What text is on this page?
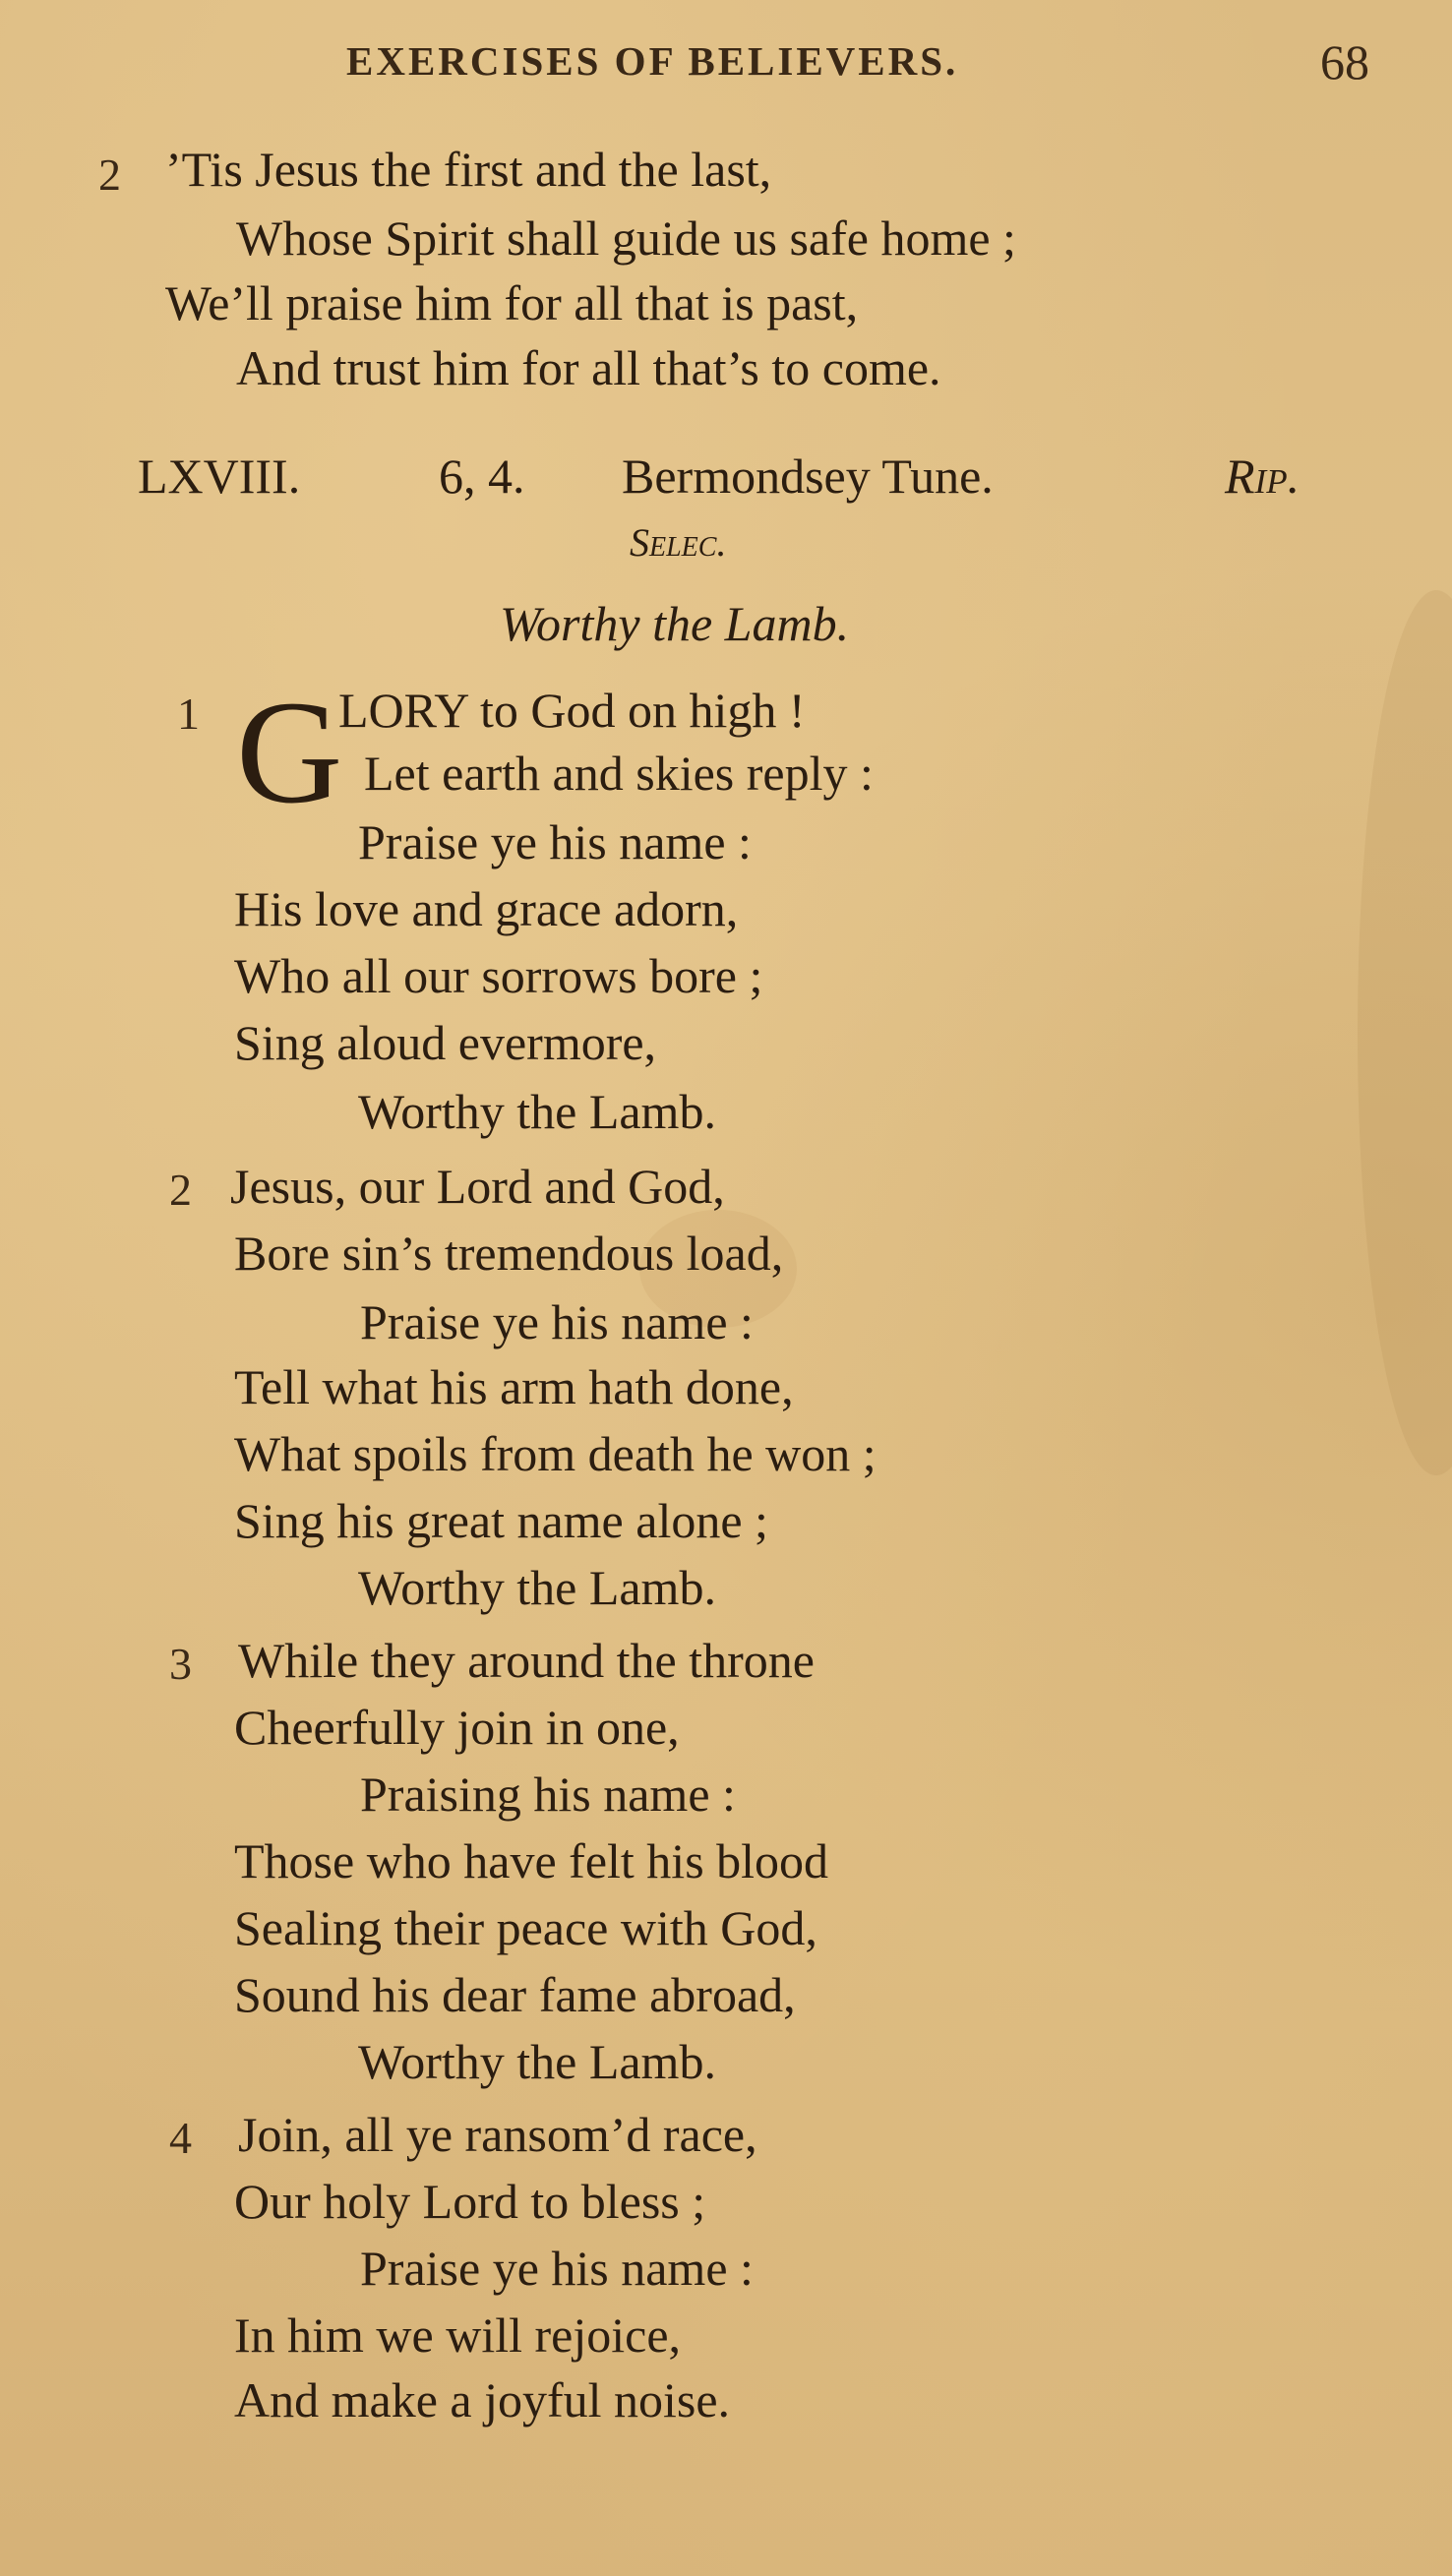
EXERCISES OF BELIEVERS.	68
2 ’Tis Jesus the first and the last,
Whose Spirit shall guide us safe home ;
We’ll praise him for all that is past,
And trust him for all that’s to come.
LXVIII.	6, 4. Bermondsey Tune.	Rip.
Selec.
Worthy the Lamb.
1 G
LORY to God on high !
Let earth and skies reply :
Praise ye his name :
His love and grace adorn,
Who all our sorrows bore ;
Sing aloud evermore,
Worthy the Lamb.
2 Jesus, our Lord and God,
Bore sin’s tremendous load,
Praise ye his name :
Tell what his arm hath done,
What spoils from death he won ;
Sing his great name alone ;
Worthy the Lamb.
3 While they around the throne
Cheerfully join in one,
Praising his name :
Those who have felt his blood
Sealing their peace with God,
Sound his dear fame abroad,
Worthy the Lamb.
4 Join, all ye ransom’d race,
Our holy Lord to bless ;
Praise ye his name :
In him we will rejoice,
And make a joyful noise.
